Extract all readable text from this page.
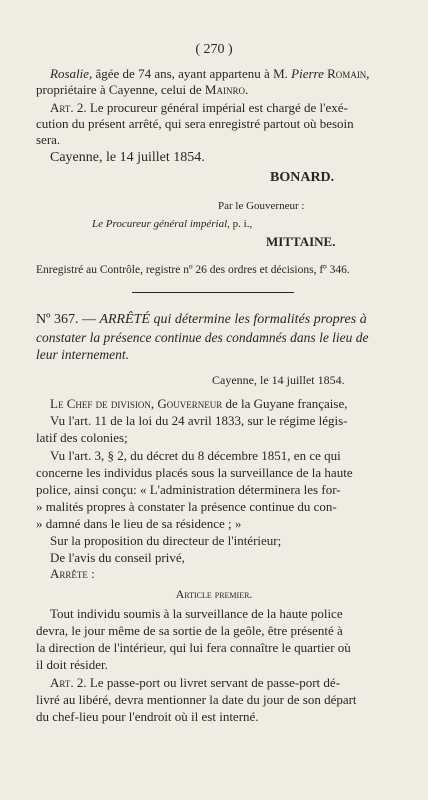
( 270 )
Rosalie, âgée de 74 ans, ayant appartenu à M. Pierre Romain,
propriétaire à Cayenne, celui de Mainro.
Art. 2. Le procureur général impérial est chargé de l'exé-
cution du présent arrêté, qui sera enregistré partout où besoin
sera.
Cayenne, le 14 juillet 1854.
BONARD.
Par le Gouverneur :
Le Procureur général impérial, p. i.,
MITTAINE.
Enregistré au Contrôle, registre nº 26 des ordres et décisions, fº 346.
Nº 367. — ARRÊTÉ qui détermine les formalités propres à
constater la présence continue des condamnés dans le lieu de
leur internement.
Cayenne, le 14 juillet 1854.
Le Chef de division, Gouverneur de la Guyane française,
Vu l'art. 11 de la loi du 24 avril 1833, sur le régime légis-
latif des colonies;
Vu l'art. 3, § 2, du décret du 8 décembre 1851, en ce qui
concerne les individus placés sous la surveillance de la haute
police, ainsi conçu: « L'administration déterminera les for-
» malités propres à constater la présence continue du con-
» damné dans le lieu de sa résidence ; »
Sur la proposition du directeur de l'intérieur;
De l'avis du conseil privé,
Arrête :
Article premier.
Tout individu soumis à la surveillance de la haute police
devra, le jour même de sa sortie de la geôle, être présenté à
la direction de l'intérieur, qui lui fera connaître le quartier où
il doit résider.
Art. 2. Le passe-port ou livret servant de passe-port dé-
livré au libéré, devra mentionner la date du jour de son départ
du chef-lieu pour l'endroit où il est interné.
